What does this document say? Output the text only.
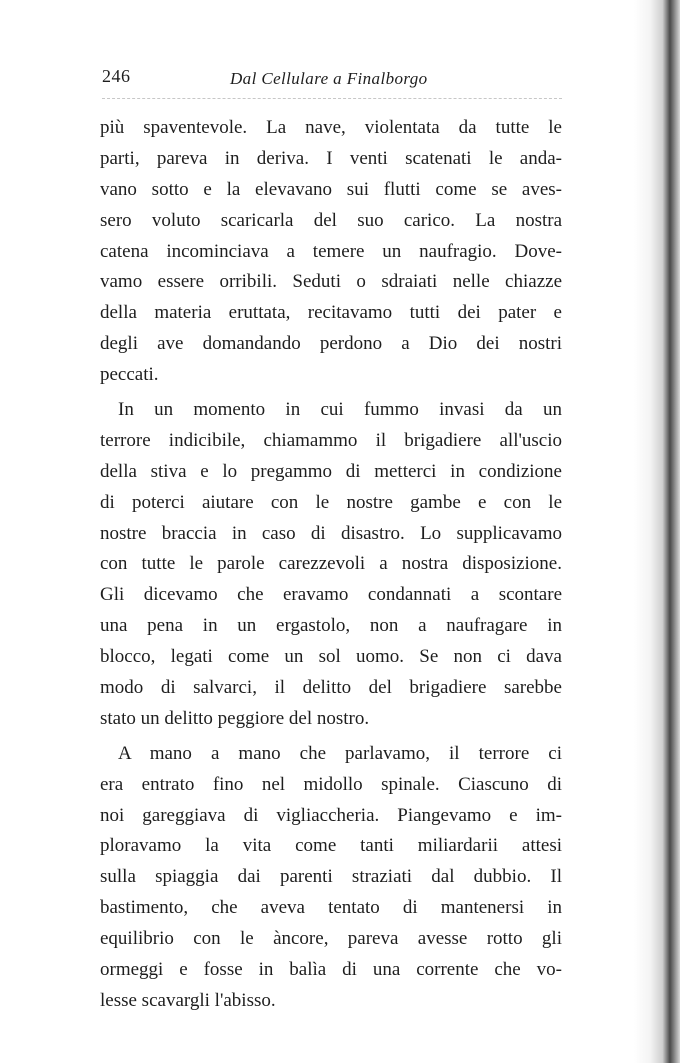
246	Dal Cellulare a Finalborgo
più spaventevole. La nave, violentata da tutte le
parti, pareva in deriva. I venti scatenati le anda-
vano sotto e la elevavano sui flutti come se aves-
sero voluto scaricarla del suo carico. La nostra
catena incominciava a temere un naufragio. Dove-
vamo essere orribili. Seduti o sdraiati nelle chiazze
della materia eruttata, recitavamo tutti dei pater e
degli ave domandando perdono a Dio dei nostri
peccati.
In un momento in cui fummo invasi da un
terrore indicibile, chiamammo il brigadiere all'uscio
della stiva e lo pregammo di metterci in condizione
di poterci aiutare con le nostre gambe e con le
nostre braccia in caso di disastro. Lo supplicavamo
con tutte le parole carezzevoli a nostra disposizione.
Gli dicevamo che eravamo condannati a scontare
una pena in un ergastolo, non a naufragare in
blocco, legati come un sol uomo. Se non ci dava
modo di salvarci, il delitto del brigadiere sarebbe
stato un delitto peggiore del nostro.
A mano a mano che parlavamo, il terrore ci
era entrato fino nel midollo spinale. Ciascuno di
noi gareggiava di vigliaccheria. Piangevamo e im-
ploravamo la vita come tanti miliardarii attesi
sulla spiaggia dai parenti straziati dal dubbio. Il
bastimento, che aveva tentato di mantenersi in
equilibrio con le àncore, pareva avesse rotto gli
ormeggi e fosse in balìa di una corrente che vo-
lesse scavargli l'abisso.
